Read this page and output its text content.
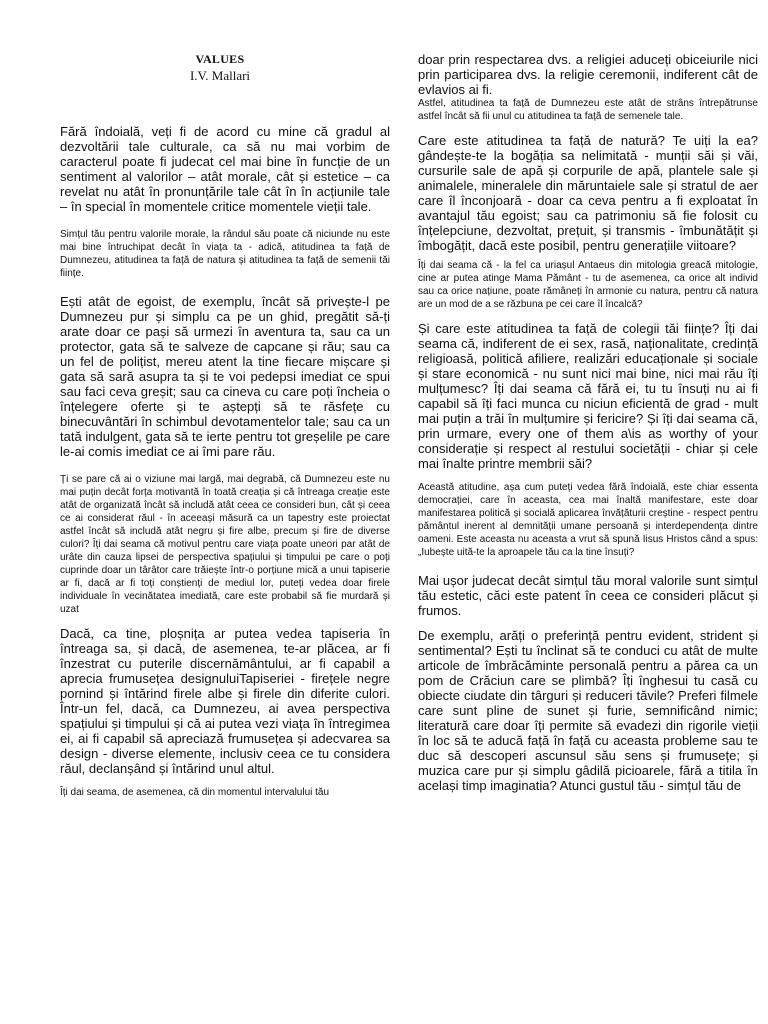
VALUES
I.V. Mallari

Fără îndoială, veți fi de acord cu mine că gradul al dezvoltării tale culturale, ca să nu mai vorbim de caracterul poate fi judecat cel mai bine în funcție de un sentiment al valorilor – atât morale, cât și estetice – ca revelat nu atât în pronunțările tale cât în în acțiunile tale – în special în momentele critice momentele vieții tale.

Simțul tău pentru valorile morale, la rândul său poate că niciunde nu este mai bine întruchipat decât în viața ta - adică, atitudinea ta față de Dumnezeu, atitudinea ta față de natura și atitudinea ta față de semenii tăi ființe.

Ești atât de egoist, de exemplu, încât să privește-l pe Dumnezeu pur și simplu ca pe un ghid, pregătit să-ți arate doar ce pași să urmezi în aventura ta, sau ca un protector, gata să te salveze de capcane și rău; sau ca un fel de polițist, mereu atent la tine fiecare mișcare și gata să sară asupra ta și te voi pedepsi imediat ce spui sau faci ceva greșit; sau ca cineva cu care poți încheia o înțelegere oferte și te aștepți să te răsfețe cu binecuvântări în schimbul devotamentelor tale; sau ca un tată indulgent, gata să te ierte pentru tot greșelile pe care le-ai comis imediat ce ai îmi pare rău.

Ți se pare că ai o viziune mai largă, mai degrabă, că Dumnezeu este nu mai puțin decât forța motivantă în toată creația și că întreaga creație este atât de organizată încât să includă atât ceea ce consideri bun, cât și ceea ce ai considerat răul - în aceeași măsură ca un tapestry este proiectat astfel încât să includă atât negru și fire albe, precum și fire de diverse culori? Îți dai seama că motivul pentru care viața poate uneori par atât de urâte din cauza lipsei de perspectiva spațiului și timpului pe care o poți cuprinde doar un târâtor care trăiește într-o porțiune mică a unui tapiserie ar fi, dacă ar fi toți conștienți de mediul lor, puteți vedea doar firele individuale în vecinătatea imediată, care este probabil să fie murdară și uzat

Dacă, ca tine, ploșnița ar putea vedea tapiseria în întreaga sa, și dacă, de asemenea, te-ar plăcea, ar fi înzestrat cu puterile discernământului, ar fi capabil a aprecia frumusețea designuluiTapiseriei - firețele negre pornind și întărind firele albe și firele din diferite culori. Într-un fel, dacă, ca Dumnezeu, ai avea perspectiva spațiului și timpului și că ai putea vezi viața în întregimea ei, ai fi capabil să apreciază frumusețea și adecvarea sa design - diverse elemente, inclusiv ceea ce tu considera răul, declanșând și întărind unul altul.

Îți dai seama, de asemenea, că din momentul intervalului tău

doar prin respectarea dvs. a religiei aduceți obiceiurile nici prin participarea dvs. la religie ceremonii, indiferent cât de evlavios ai fi.

Astfel, atitudinea ta față de Dumnezeu este atât de strâns întrepătrunse astfel încât să fii unul cu atitudinea ta față de semenele tale.

Care este atitudinea ta față de natură? Te uiți la ea? gândește-te la bogăția sa nelimitată - munții săi și văi, cursurile sale de apă și corpurile de apă, plantele sale și animalele, mineralele din măruntaiele sale și stratul de aer care îl înconjoară - doar ca ceva pentru a fi exploatat în avantajul tău egoist; sau ca patrimoniu să fie folosit cu înțelepciune, dezvoltat, prețuit, și transmis - îmbunătățit și îmbogățit, dacă este posibil, pentru generațiile viitoare?

Îți dai seama că - la fel ca uriașul Antaeus din mitologia greacă mitologie, cine ar putea atinge Mama Pământ - tu de asemenea, ca orice alt individ sau ca orice națiune, poate rămâneți în armonie cu natura, pentru că natura are un mod de a se răzbuna pe cei care îl încalcă?

Și care este atitudinea ta față de colegii tăi ființe? Îți dai seama că, indiferent de ei sex, rasă, naționalitate, credință religioasă, politică afiliere, realizări educaționale și sociale și stare economică - nu sunt nici mai bine, nici mai rău îți mulțumesc? Îți dai seama că fără ei, tu tu însuți nu ai fi capabil să îți faci munca cu niciun eficientă de grad - mult mai puțin a trăi în mulțumire și fericire? Și îți dai seama că, prin urmare, every one of them a\is as worthy of your considerație și respect al restului societății - chiar și cele mai înalte printre membrii săi?

Această atitudine, așa cum puteți vedea fără îndoială, este chiar essenta democrației, care în aceasta, cea mai înaltă manifestare, este doar manifestarea politică și socială aplicarea învățăturii creștine - respect pentru pământul inerent al demnității umane persoană și interdependența dintre oameni. Este aceasta nu aceasta a vrut să spună Iisus Hristos când a spus: „Iubește uită-te la aproapele tău ca la tine însuți?

Mai ușor judecat decât simțul tău moral valorile sunt simțul tău estetic, căci este patent în ceea ce consideri plăcut și frumos.

De exemplu, arăți o preferință pentru evident, strident și sentimental? Ești tu înclinat să te conduci cu atât de multe articole de îmbrăcăminte personală pentru a părea ca un pom de Crăciun care se plimbă? Îți înghesui tu casă cu obiecte ciudate din târguri și reduceri tăvile? Preferi filmele care sunt pline de sunet și furie, semnificând nimic; literatură care doar îți permite să evadezi din rigorile vieții în loc să te aducă față în față cu aceasta probleme sau te duc să descoperi ascunsul său sens și frumusețe; și muzica care pur și simplu gâdilă picioarele, fără a titila în același timp imaginatia? Atunci gustul tău - simțul tău de
